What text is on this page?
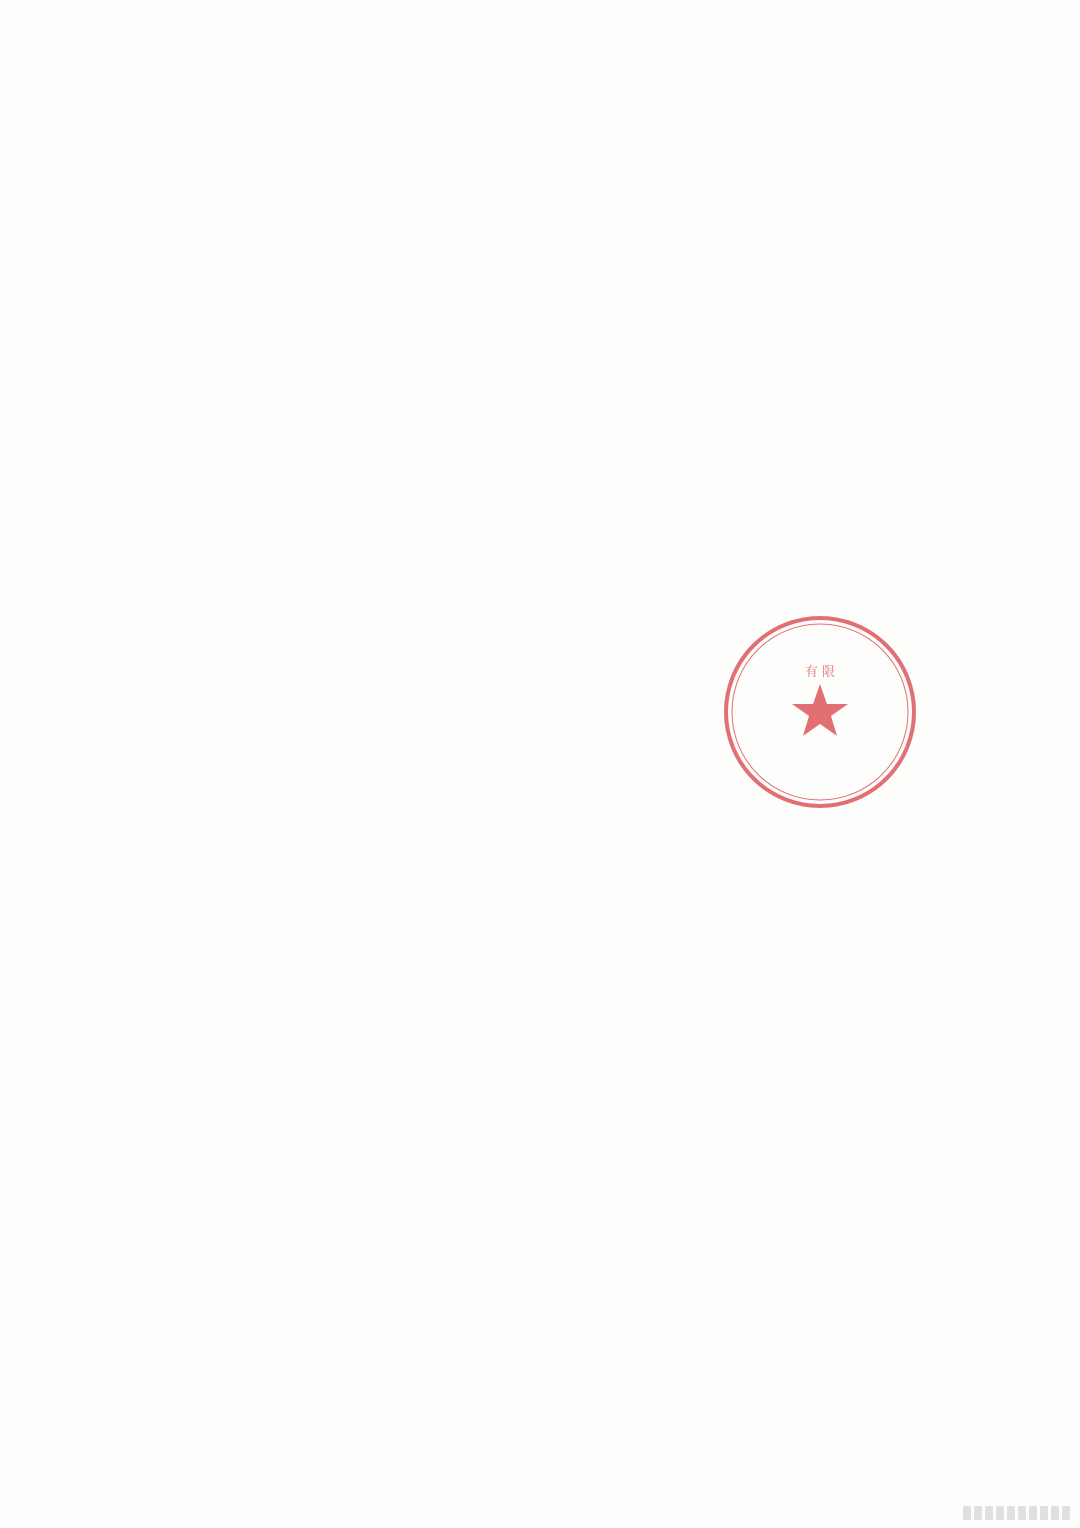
有 限
